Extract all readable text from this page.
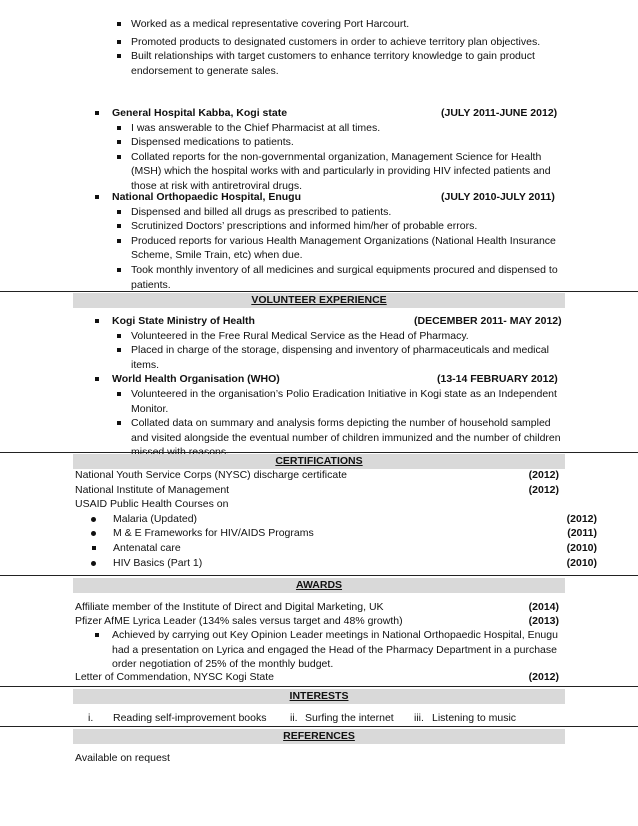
Worked as a medical representative covering Port Harcourt.
Promoted products to designated customers in order to achieve territory plan objectives.
Built relationships with target customers to enhance territory knowledge to gain product endorsement to generate sales.
General Hospital Kabba, Kogi state	(JULY 2011-JUNE 2012)
I was answerable to the Chief Pharmacist at all times.
Dispensed medications to patients.
Collated reports for the non-governmental organization, Management Science for Health (MSH) which the hospital works with and particularly in providing HIV infected patients and those at risk with antiretroviral drugs.
National Orthopaedic Hospital, Enugu	(JULY 2010-JULY 2011)
Dispensed and billed all drugs as prescribed to patients.
Scrutinized Doctors’ prescriptions and informed him/her of probable errors.
Produced reports for various Health Management Organizations (National Health Insurance Scheme, Smile Train, etc) when due.
Took monthly inventory of all medicines and surgical equipments procured and dispensed to patients.
VOLUNTEER EXPERIENCE
Kogi State Ministry of Health	(DECEMBER 2011- MAY 2012)
Volunteered in the Free Rural Medical Service as the Head of Pharmacy.
Placed in charge of the storage, dispensing and inventory of pharmaceuticals and medical items.
World Health Organisation (WHO)	(13-14 FEBRUARY 2012)
Volunteered in the organisation’s Polio Eradication Initiative in Kogi state as an Independent Monitor.
Collated data on summary and analysis forms depicting the number of household sampled and visited alongside the eventual number of children immunized and the number of children
CERTIFICATIONS
National Youth Service Corps (NYSC) discharge certificate	(2012)
National Institute of Management	(2012)
USAID Public Health Courses on
Malaria (Updated)	(2012)
M & E Frameworks for HIV/AIDS Programs	(2011)
Antenatal care	(2010)
HIV Basics (Part 1)	(2010)
AWARDS
Affiliate member of the Institute of Direct and Digital Marketing, UK	(2014)
Pfizer AfME Lyrica Leader (134% sales versus target and 48% growth)	(2013)
Achieved by carrying out Key Opinion Leader meetings in National Orthopaedic Hospital, Enugu had a presentation on Lyrica and engaged the Head of the Pharmacy Department in a purchase order negotiation of 25% of the monthly budget.
Letter of Commendation, NYSC Kogi State	(2012)
INTERESTS
i. Reading self-improvement books ii. Surfing the internet iii. Listening to music
REFERENCES
Available on request
